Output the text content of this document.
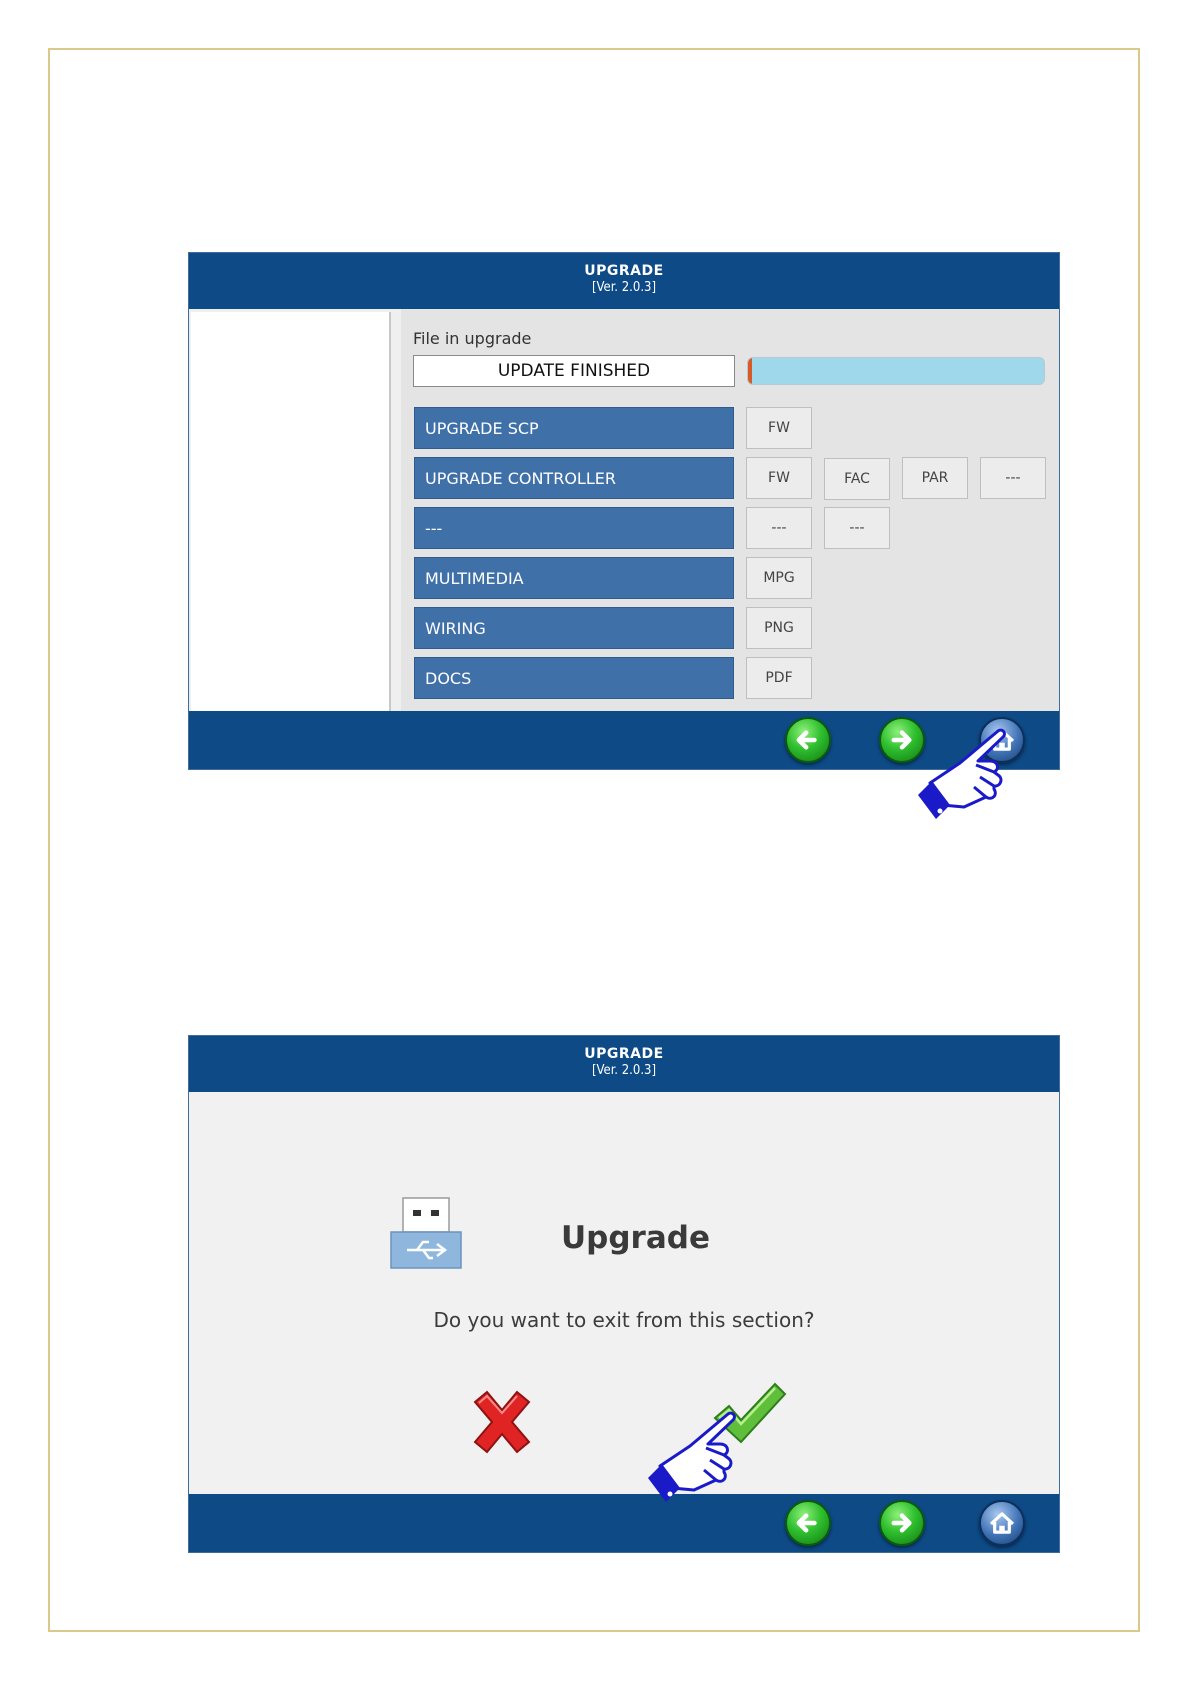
UPGRADE
[Ver. 2.0.3]
File in upgrade
UPDATE FINISHED
UPGRADE SCP	FW
UPGRADE CONTROLLER	FW	FAC	PAR	---
---	---	---
MULTIMEDIA	MPG
WIRING	PNG
DOCS	PDF
UPGRADE
[Ver. 2.0.3]
Upgrade
Do you want to exit from this section?
